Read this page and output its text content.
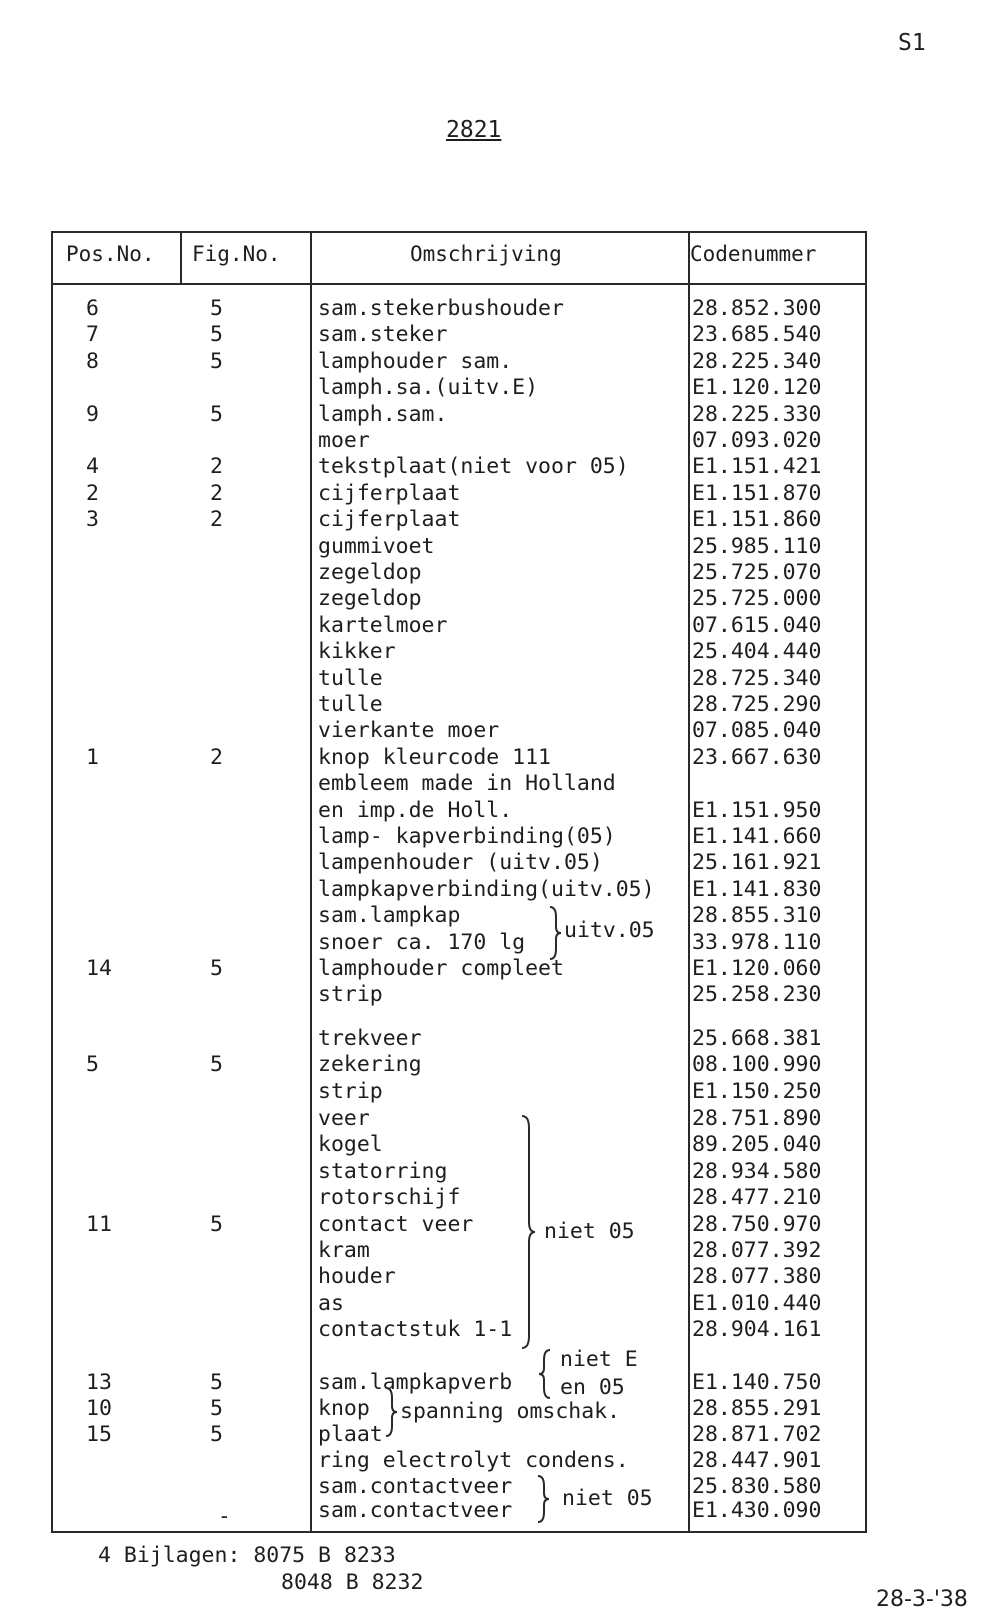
S1
2821
Pos.No. Fig.No.	Omschrijving	Codenummer
6	5	sam.stekerbushouder	28.852.300
7	5	sam.steker	23.685.540
8	5	lamphouder sam.	28.225.340
lamph.sa.(uitv.E)	E1.120.120
9	5	lamph.sam.	28.225.330
moer	07.093.020
4	2	tekstplaat(niet voor 05)	E1.151.421
2	2	cijferplaat	E1.151.870
3	2	cijferplaat	E1.151.860
gummivoet	25.985.110
zegeldop	25.725.070
zegeldop	25.725.000
kartelmoer	07.615.040
kikker	25.404.440
tulle	28.725.340
tulle	28.725.290
vierkante moer	07.085.040
1	2	knop kleurcode 111	23.667.630
embleem made in Holland
en imp.de Holl.	E1.151.950
lamp- kapverbinding(05)	E1.141.660
lampenhouder (uitv.05)	25.161.921
lampkapverbinding(uitv.05) E1.141.830
sam.lampkap	28.855.310
snoer ca. 170 lg	33.978.110
14	5	lamphouder compleet	E1.120.060
strip	25.258.230
trekveer	25.668.381
5	5	zekering	08.100.990
strip	E1.150.250
veer	28.751.890
kogel	89.205.040
statorring	28.934.580
rotorschijf	28.477.210
11	5	contact veer	28.750.970
kram	28.077.392
houder	28.077.380
as	E1.010.440
contactstuk 1-1	28.904.161
13	5	sam.lampkapverb	E1.140.750
10	5	knop	28.855.291
15	5	plaat	28.871.702
ring electrolyt condens.	28.447.901
sam.contactveer	25.830.580
sam.contactveer	E1.430.090
uitv.05
niet 05
niet E
en 05
spanning omschak.
niet 05
-
4 Bijlagen: 8075 B 8233
8048 B 8232
28-3-'38
